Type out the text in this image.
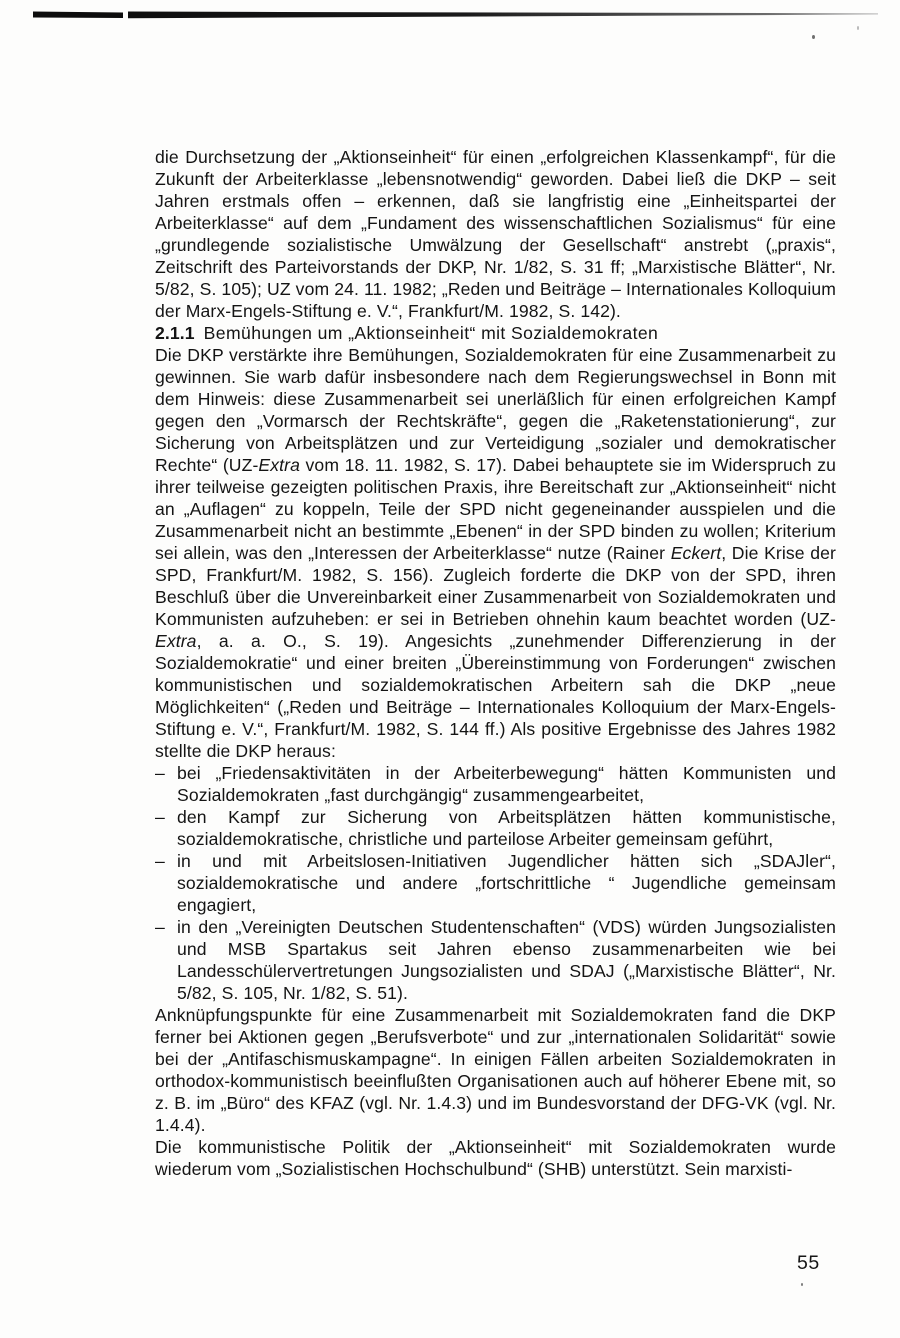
die Durchsetzung der „Aktionseinheit“ für einen „erfolgreichen Klassenkampf“, für die Zukunft der Arbeiterklasse „lebensnotwendig“ geworden. Dabei ließ die DKP – seit Jahren erstmals offen – erkennen, daß sie langfristig eine „Einheitspartei der Arbeiterklasse“ auf dem „Fundament des wissenschaftlichen Sozialismus“ für eine „grundlegende sozialistische Umwälzung der Gesellschaft“ anstrebt („praxis“, Zeitschrift des Parteivorstands der DKP, Nr. 1/82, S. 31 ff; „Marxistische Blätter“, Nr. 5/82, S. 105); UZ vom 24. 11. 1982; „Reden und Beiträge – Internationales Kolloquium der Marx-Engels-Stiftung e. V.“, Frankfurt/M. 1982, S. 142).

2.1.1 Bemühungen um „Aktionseinheit“ mit Sozialdemokraten

Die DKP verstärkte ihre Bemühungen, Sozialdemokraten für eine Zusammenarbeit zu gewinnen. Sie warb dafür insbesondere nach dem Regierungswechsel in Bonn mit dem Hinweis: diese Zusammenarbeit sei unerläßlich für einen erfolgreichen Kampf gegen den „Vormarsch der Rechtskräfte“, gegen die „Raketenstationierung“, zur Sicherung von Arbeitsplätzen und zur Verteidigung „sozialer und demokratischer Rechte“ (UZ-Extra vom 18. 11. 1982, S. 17). Dabei behauptete sie im Widerspruch zu ihrer teilweise gezeigten politischen Praxis, ihre Bereitschaft zur „Aktionseinheit“ nicht an „Auflagen“ zu koppeln, Teile der SPD nicht gegeneinander ausspielen und die Zusammenarbeit nicht an bestimmte „Ebenen“ in der SPD binden zu wollen; Kriterium sei allein, was den „Interessen der Arbeiterklasse“ nutze (Rainer Eckert, Die Krise der SPD, Frankfurt/M. 1982, S. 156). Zugleich forderte die DKP von der SPD, ihren Beschluß über die Unvereinbarkeit einer Zusammenarbeit von Sozialdemokraten und Kommunisten aufzuheben: er sei in Betrieben ohnehin kaum beachtet worden (UZ-Extra, a. a. O., S. 19). Angesichts „zunehmender Differenzierung in der Sozialdemokratie“ und einer breiten „Übereinstimmung von Forderungen“ zwischen kommunistischen und sozialdemokratischen Arbeitern sah die DKP „neue Möglichkeiten“ („Reden und Beiträge – Internationales Kolloquium der Marx-Engels-Stiftung e. V.“, Frankfurt/M. 1982, S. 144 ff.) Als positive Ergebnisse des Jahres 1982 stellte die DKP heraus:

– bei „Friedensaktivitäten in der Arbeiterbewegung“ hätten Kommunisten und Sozialdemokraten „fast durchgängig“ zusammengearbeitet,
– den Kampf zur Sicherung von Arbeitsplätzen hätten kommunistische, sozialdemokratische, christliche und parteilose Arbeiter gemeinsam geführt,
– in und mit Arbeitslosen-Initiativen Jugendlicher hätten sich „SDAJler“, sozialdemokratische und andere „fortschrittliche “ Jugendliche gemeinsam engagiert,
– in den „Vereinigten Deutschen Studentenschaften“ (VDS) würden Jungsozialisten und MSB Spartakus seit Jahren ebenso zusammenarbeiten wie bei Landesschülervertretungen Jungsozialisten und SDAJ („Marxistische Blätter“, Nr. 5/82, S. 105, Nr. 1/82, S. 51).

Anknüpfungspunkte für eine Zusammenarbeit mit Sozialdemokraten fand die DKP ferner bei Aktionen gegen „Berufsverbote“ und zur „internationalen Solidarität“ sowie bei der „Antifaschismuskampagne“. In einigen Fällen arbeiten Sozialdemokraten in orthodox-kommunistisch beeinflußten Organisationen auch auf höherer Ebene mit, so z. B. im „Büro“ des KFAZ (vgl. Nr. 1.4.3) und im Bundesvorstand der DFG-VK (vgl. Nr. 1.4.4).

Die kommunistische Politik der „Aktionseinheit“ mit Sozialdemokraten wurde wiederum vom „Sozialistischen Hochschulbund“ (SHB) unterstützt. Sein marxisti-

55
